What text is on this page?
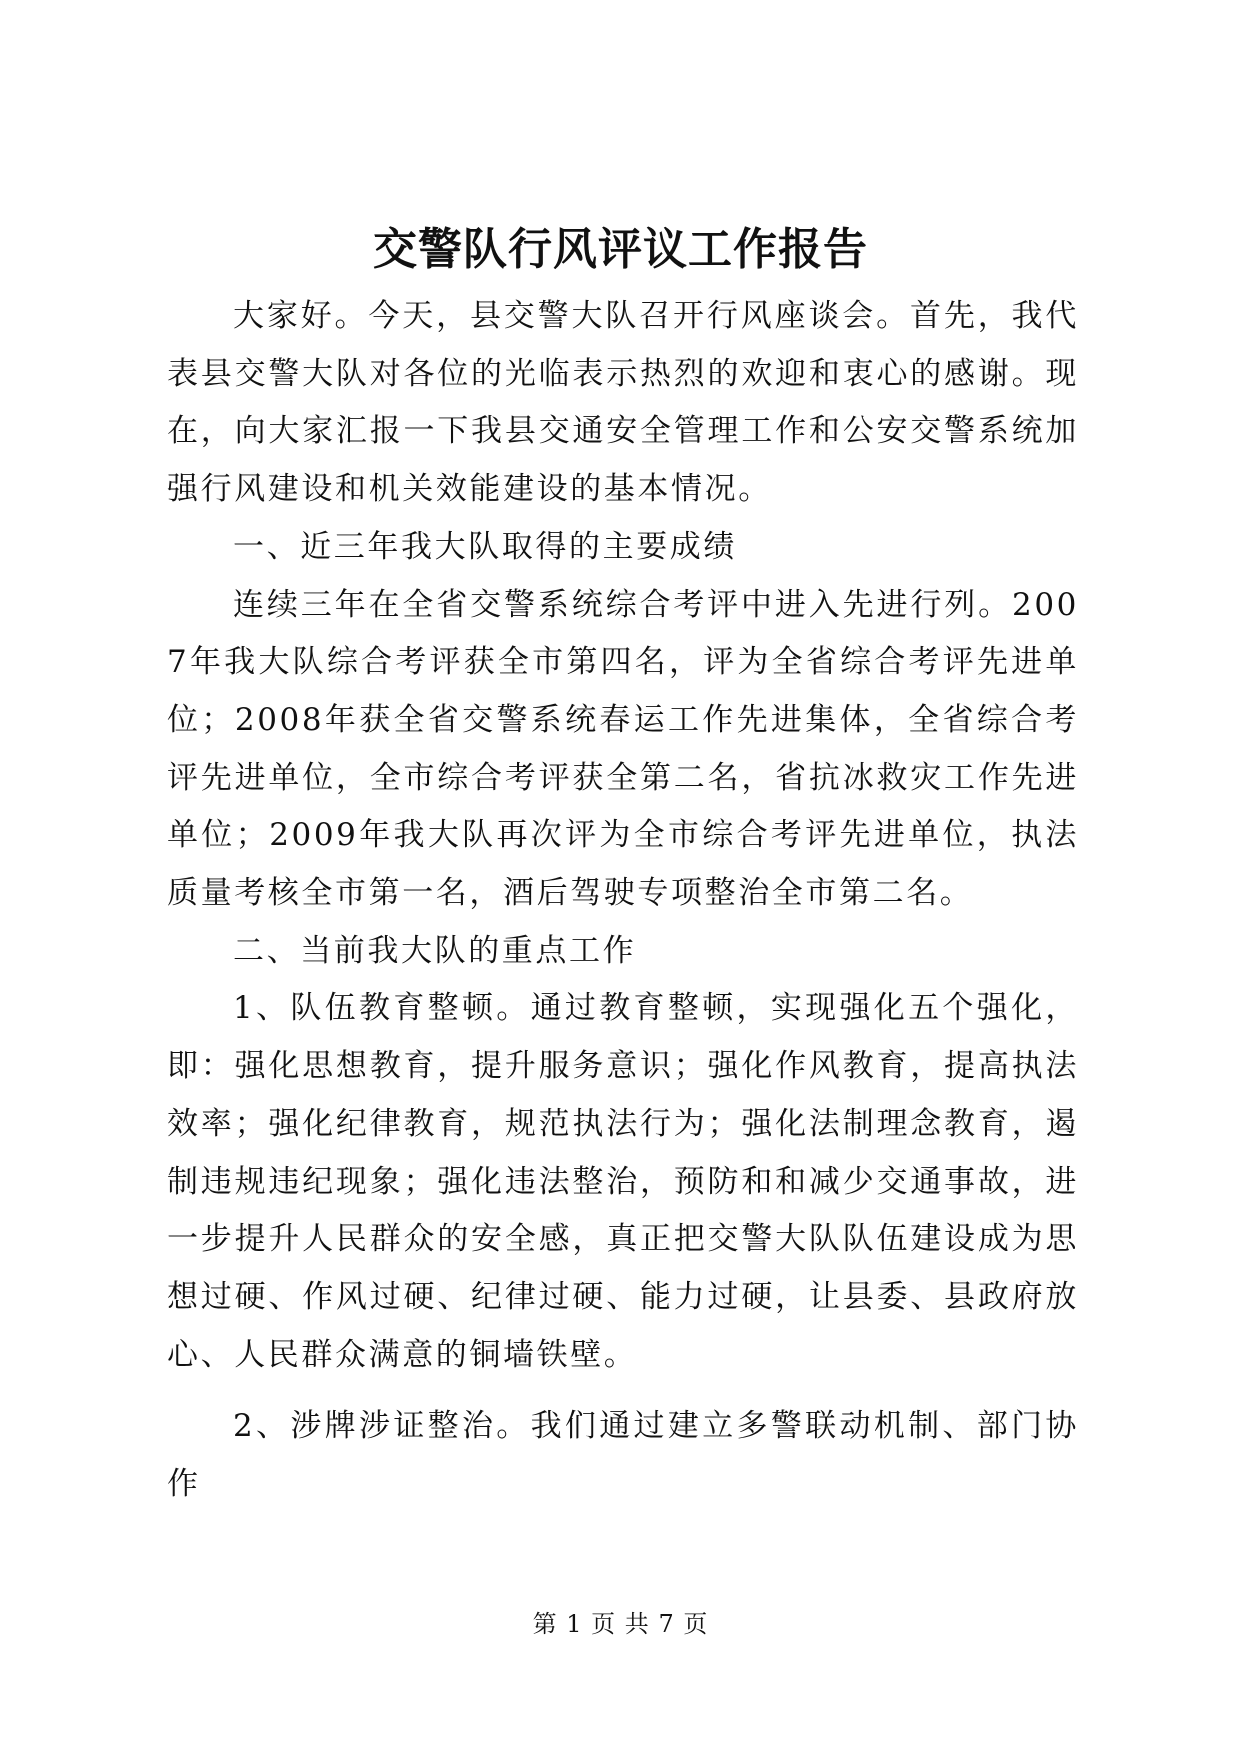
交警队行风评议工作报告

大家好。今天，县交警大队召开行风座谈会。首先，我代表县交警大队对各位的光临表示热烈的欢迎和衷心的感谢。现在，向大家汇报一下我县交通安全管理工作和公安交警系统加强行风建设和机关效能建设的基本情况。

一、近三年我大队取得的主要成绩

连续三年在全省交警系统综合考评中进入先进行列。2007年我大队综合考评获全市第四名，评为全省综合考评先进单位；2008年获全省交警系统春运工作先进集体，全省综合考评先进单位，全市综合考评获全第二名，省抗冰救灾工作先进单位；2009年我大队再次评为全市综合考评先进单位，执法质量考核全市第一名，酒后驾驶专项整治全市第二名。

二、当前我大队的重点工作

1、队伍教育整顿。通过教育整顿，实现强化五个强化，即：强化思想教育，提升服务意识；强化作风教育，提高执法效率；强化纪律教育，规范执法行为；强化法制理念教育，遏制违规违纪现象；强化违法整治，预防和和减少交通事故，进一步提升人民群众的安全感，真正把交警大队队伍建设成为思想过硬、作风过硬、纪律过硬、能力过硬，让县委、县政府放心、人民群众满意的铜墙铁壁。

2、涉牌涉证整治。我们通过建立多警联动机制、部门协作

第 1 页 共 7 页
